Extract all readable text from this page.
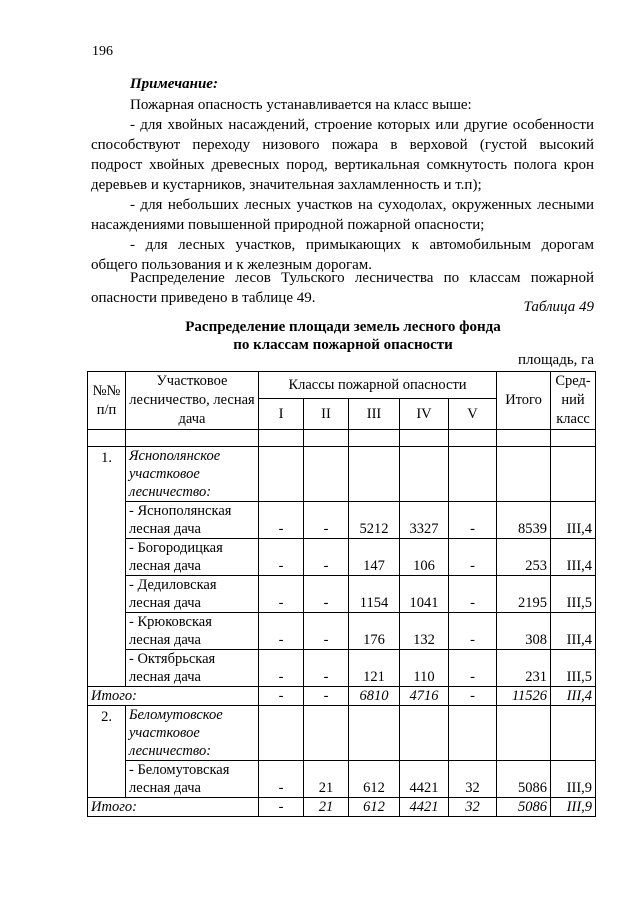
196
Примечание:
Пожарная опасность устанавливается на класс выше:
- для хвойных насаждений, строение которых или другие особенности
способствуют переходу низового пожара в верховой (густой высокий
подрост хвойных древесных пород, вертикальная сомкнутость полога крон
деревьев и кустарников, значительная захламленность и т.п);
- для небольших лесных участков на суходолах, окруженных лесными
насаждениями повышенной природной пожарной опасности;
- для лесных участков, примыкающих к автомобильным дорогам
общего пользования и к железным дорогам.
Распределение лесов Тульского лесничества по классам пожарной
опасности приведено в таблице 49.
Таблица 49
Распределение площади земель лесного фонда
по классам пожарной опасности
площадь, га
№№ п/п	Участковое лесничество, лесная дача	Классы пожарной опасности					Итого	Сред-ний класс
		I	II	III	IV	V		

1.	Яснополянское участковое лесничество:							
	- Яснополянская лесная дача	-	-	5212	3327	-	8539	III,4
	- Богородицкая лесная дача	-	-	147	106	-	253	III,4
	- Дедиловская лесная дача	-	-	1154	1041	-	2195	III,5
	- Крюковская лесная дача	-	-	176	132	-	308	III,4
	- Октябрьская лесная дача	-	-	121	110	-	231	III,5
Итого:		-	-	6810	4716	-	11526	III,4
2.	Беломутовское участковое лесничество:							
	- Беломутовская лесная дача	-	21	612	4421	32	5086	III,9
Итого:		-	21	612	4421	32	5086	III,9
